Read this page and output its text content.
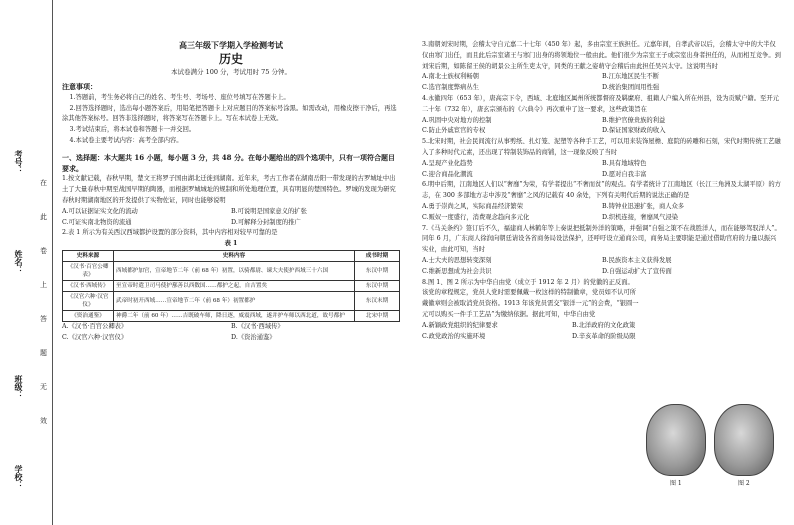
考号：
姓名：
班级：
学校：
在
此
卷
上
答
题
无
效
高三年级下学期入学检测考试
历史
本试卷满分 100 分，考试用时 75 分钟。

注意事项：

1.答题前，考生务必将自己的姓名、考生号、考场号、座位号填写在答题卡上。

2.回答选择题时，选出每小题答案后，用铅笔把答题卡上对应题目的答案标号涂黑。如需改动，用橡皮擦干净后，再选涂其他答案标号。回答非选择题时，将答案写在答题卡上。写在本试卷上无效。

3.考试结束后，将本试卷和答题卡一并交回。

4.本试卷主要考试内容：高考全部内容。

一、选择题：本大题共 16 小题，每小题 3 分，共 48 分。在每小题给出的四个选项中，只有一项符合题目要求。

1.按文献记载，春秋早期，楚文王将罗子国由湖北迁徙到湖南。近年来，考古工作者在湖南岳阳一带发现的古罗城址中出土了大量春秋中期至战国早期的陶器，而根据罗城城址的规制和所处地理位置，具有明显的楚国特色。罗城的发现为研究春秋时期湖南地区的开发提供了实物佐证，同时也能够说明

A.可以证据证实文化的流动	B.可说明是国家意义的扩张
C.可证实南北物资的流通	D.可解释分封制度的推广

2.表 1 所示为有关西汉西域都护设置的部分资料，其中内容相对较早可靠的是

表 1

史料来源	史料内容	成书时期
《汉书·百官公卿表》	西域都护加官，宣帝地节二年（前 68 年）初置，以骑都尉、谏大夫使护西域三十六国	东汉中期
《汉书·西域传》	至宣帝时遣卫司马使护鄯善以西数国……都护之起，自吉置矣	东汉中期
《汉官六种·汉官仪》	武帝时初开西域……宣帝地节二年（前 68 年）初置都护	东汉末期
《资治通鉴》	神爵二年（前 60 年）……吉既破车师，降日逐，威震西域，遂并护车师以西北道，故号都护	北宋中期
A.《汉书·百官公卿表》	B.《汉书·西域传》
C.《汉官六种·汉官仪》	D.《资治通鉴》

3.南朝刘宋时期，会稽太守自元嘉二十七年（450 年）起，多由宗室王族担任。元嘉年间，自孝武帝以后，会稽太守中的大半仅仅由寒门出任，而且此后宗室诸王与寒门出身的将领地位一般由此。他们很少为宗室王子或宗室出身者担任的，从而相互竞争。到刘宋后期，如陈留王侯的胡景公主所生吏太守，同类的王献之姿萌守会稽后由此担任吴兴太守。这说明当时

A.南北士族权利畅朝	B.江东地区民生不断
C.选官制度弊病丛生	D.统治集团间用性强

4.永徽四年（653 年），唐高宗下令，西域、北庭地区属州所统都督府及羁縻府、祖籍人户编入所在州县，设为贡赋户籍。至开元二十年（732 年），唐玄宗颁布的《六典令》再次重申了这一要求，这些政策旨在

A.巩固中央对地方的控制	B.维护官僚贵族的利益
C.防止外戚宦官的专权	D.保证国家财政的收入

5.北宋时期，社会民间流行从事剪纸、扎灯笼、泥塑等各种手工艺，可以用来装饰屋檐、庭院的砖雕和石刻，宋代时期传统工艺融入了多种时代元素，还出现了特制装饰品的商铺，这一现象反映了当时

A.呈现产业化趋势	B.具有地域特色
C.迎合商品化潮流	D.愿对自我丰富

6.明中后期，江南地区人们以“奢靡”为荣，有学者提出“不奢而贫”的观点。有学者统计了江南地区（长江三角洲及太湖平原）的方志，在 300 多部地方志中涉及“奢靡”之风的记载有 40 余处，下列有关明代后期的说法正确的是

A.勇于崇尚之风，实际商品经济繁荣	B.铸钟业迅速扩张，商人众多
C.贩奴一度盛行，消费观念趋向多元化	D.织机连接，奢靡风气浸染

7.《马关条约》签订后不久，福建商人林鹤年等上奏说把抵制外洋的策略，并强调“自强之策不在战胜洋人，而在能够驾驭洋人”。同年 6 月，广东商人徐润向朝廷请设各省商务局设法保护，还呼吁设立通商公司，商务局主要职能是通过借助官府的力量以振兴实业，由此可知，当时

A.士大夫的思想转变深刻	B.民族资本主义获得发展
C.维新思想成为社会共识	D.自强运动扩大了宣传面

8.图 1、图 2 所示为中华自由党（成立于 1912 年 2 月）的党徽的正反面。该党的章程规定，党员人党时需要佩戴一枚这样的特制徽章，党员如不认可所戴徽章则会被取消党员资格。1913 年该党员需交“银洋一元”的会费，“银圆一元可以购买一件手工艺品”为缴纳依据。据此可知，中华自由党

A.新颖政党组织的纪律要求	B.北洋政府的文化政策
C.政党政治的实施环境	D.辛亥革命的阶级局限
图 1	图 2
